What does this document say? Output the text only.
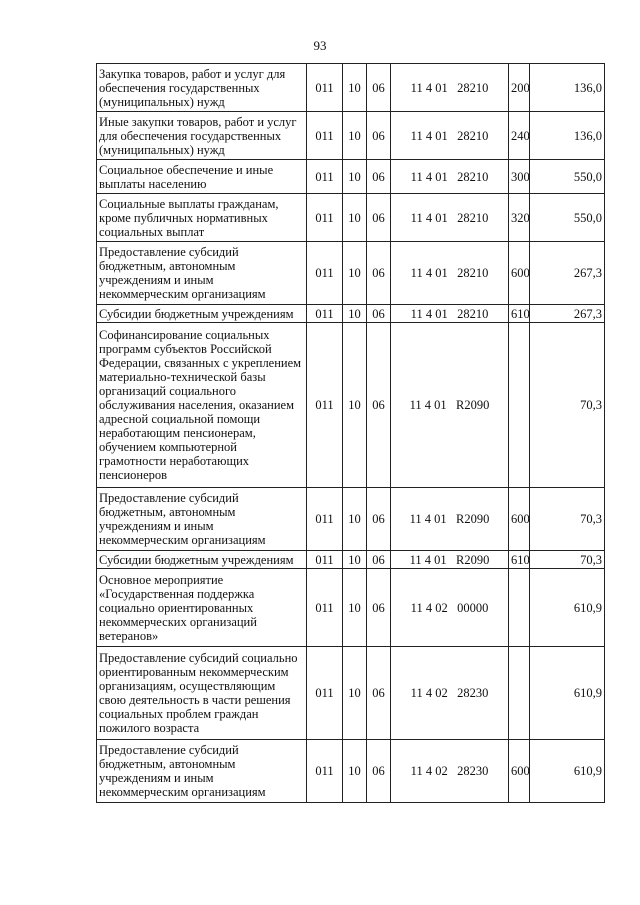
93
Закупка товаров, работ и услуг для обеспечения государственных (муниципальных) нужд	011	10	06	11 4 01 28210	200	136,0
Иные закупки товаров, работ и услуг для обеспечения государственных (муниципальных) нужд	011	10	06	11 4 01 28210	240	136,0
Социальное обеспечение и иные выплаты населению	011	10	06	11 4 01 28210	300	550,0
Социальные выплаты гражданам, кроме публичных нормативных социальных выплат	011	10	06	11 4 01 28210	320	550,0
Предоставление субсидий бюджетным, автономным учреждениям и иным некоммерческим организациям	011	10	06	11 4 01 28210	600	267,3
Субсидии бюджетным учреждениям	011	10	06	11 4 01 28210	610	267,3
Софинансирование социальных программ субъектов Российской Федерации, связанных с укреплением материально-технической базы организаций социального обслуживания населения, оказанием адресной социальной помощи неработающим пенсионерам, обучением компьютерной грамотности неработающих пенсионеров	011	10	06	11 4 01 R2090		70,3
Предоставление субсидий бюджетным, автономным учреждениям и иным некоммерческим организациям	011	10	06	11 4 01 R2090	600	70,3
Субсидии бюджетным учреждениям	011	10	06	11 4 01 R2090	610	70,3
Основное мероприятие «Государственная поддержка социально ориентированных некоммерческих организаций ветеранов»	011	10	06	11 4 02 00000		610,9
Предоставление субсидий социально ориентированным некоммерческим организациям, осуществляющим свою деятельность в части решения социальных проблем граждан пожилого возраста	011	10	06	11 4 02 28230		610,9
Предоставление субсидий бюджетным, автономным учреждениям и иным некоммерческим организациям	011	10	06	11 4 02 28230	600	610,9
